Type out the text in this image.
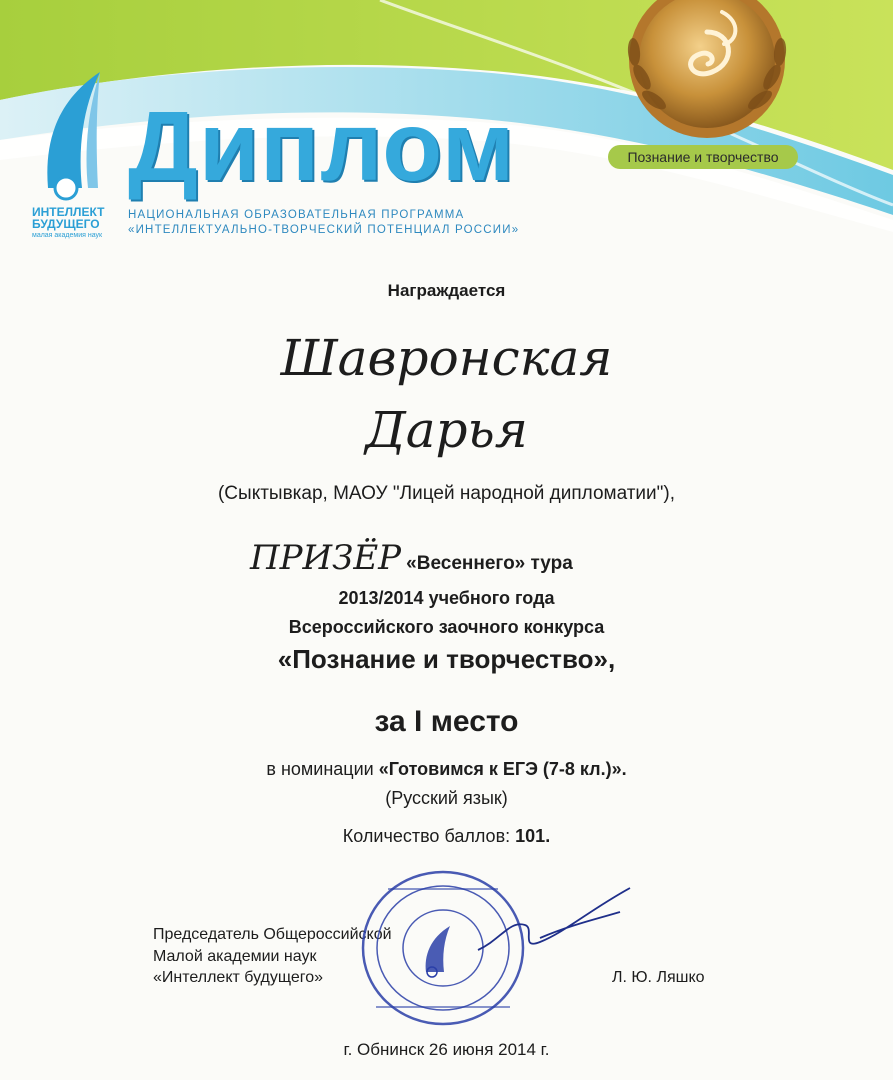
ИНТЕЛЛЕКТ
БУДУЩЕГО
малая академия наук
Диплом
НАЦИОНАЛЬНАЯ ОБРАЗОВАТЕЛЬНАЯ ПРОГРАММА
«ИНТЕЛЛЕКТУАЛЬНО-ТВОРЧЕСКИЙ ПОТЕНЦИАЛ РОССИИ»
Познание и творчество
Награждается
Шавронская
Дарья
(Сыктывкар, МАОУ "Лицей народной дипломатии"),
ПРИЗЁР «Весеннего» тура
2013/2014 учебного года
Всероссийского заочного конкурса
«Познание и творчество»,
за I место
в номинации «Готовимся к ЕГЭ (7-8 кл.)».
(Русский язык)
Количество баллов: 101.
Председатель Общероссийской
Малой академии наук
«Интеллект будущего»	Л. Ю. Ляшко
г. Обнинск 26 июня 2014 г.
